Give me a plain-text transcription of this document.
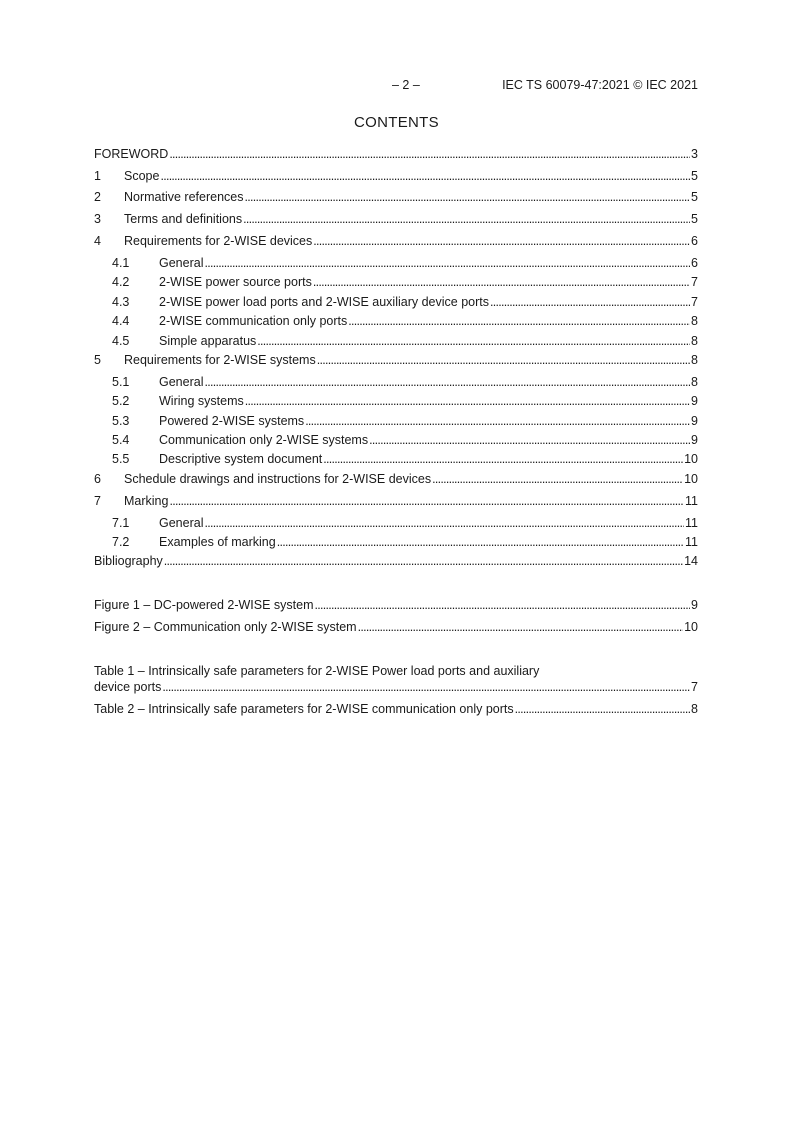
– 2 –	IEC TS 60079-47:2021 © IEC 2021
CONTENTS
FOREWORD . . .	3
1	Scope . . .	5
2	Normative references . . .	5
3	Terms and definitions . . .	5
4	Requirements for 2-WISE devices . . .	6
4.1	General . . .	6
4.2	2-WISE power source ports . . .	7
4.3	2-WISE power load ports and 2-WISE auxiliary device ports . . .	7
4.4	2-WISE communication only ports . . .	8
4.5	Simple apparatus . . .	8
5	Requirements for 2-WISE systems . . .	8
5.1	General . . .	8
5.2	Wiring systems . . .	9
5.3	Powered 2-WISE systems . . .	9
5.4	Communication only 2-WISE systems . . .	9
5.5	Descriptive system document . . .	10
6	Schedule drawings and instructions for 2-WISE devices . . .	10
7	Marking . . .	11
7.1	General . . .	11
7.2	Examples of marking . . .	11
Bibliography . . .	14
Figure 1 – DC-powered 2-WISE system . . .	9
Figure 2 – Communication only 2-WISE system . . .	10
Table 1 – Intrinsically safe parameters for 2-WISE Power load ports and auxiliary
device ports . . .	7
Table 2 – Intrinsically safe parameters for 2-WISE communication only ports . . .	8
